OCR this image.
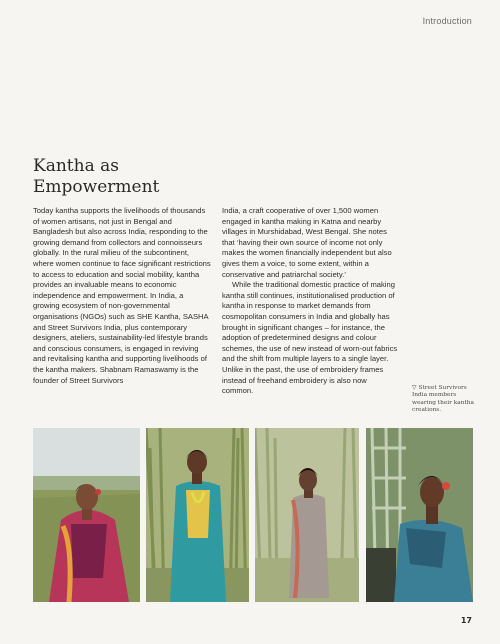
Introduction
Kantha as
Empowerment

Today kantha supports the livelihoods of thousands of women artisans, not just in Bengal and Bangladesh but also across India, responding to the growing demand from collectors and connoisseurs globally. In the rural milieu of the subcontinent, where women continue to face significant restrictions to access to education and social mobility, kantha provides an invaluable means to economic independence and empowerment. In India, a growing ecosystem of non-governmental organisations (NGOs) such as SHE Kantha, SASHA and Street Survivors India, plus contemporary designers, ateliers, sustainability-led lifestyle brands and conscious consumers, is engaged in reviving and revitalising kantha and supporting livelihoods of the kantha makers. Shabnam Ramaswamy is the founder of Street Survivors

India, a craft cooperative of over 1,500 women engaged in kantha making in Katna and nearby villages in Murshidabad, West Bengal. She notes that ‘having their own source of income not only makes the women financially independent but also gives them a voice, to some extent, within a conservative and patriarchal society.’

While the traditional domestic practice of making kantha still continues, institutionalised production of kantha in response to market demands from cosmopolitan consumers in India and globally has brought in significant changes – for instance, the adoption of predetermined designs and colour schemes, the use of new instead of worn-out fabrics and the shift from multiple layers to a single layer. Unlike in the past, the use of embroidery frames instead of freehand embroidery is also now common.	▽ Street Survivors India members wearing their kantha creations.
17
